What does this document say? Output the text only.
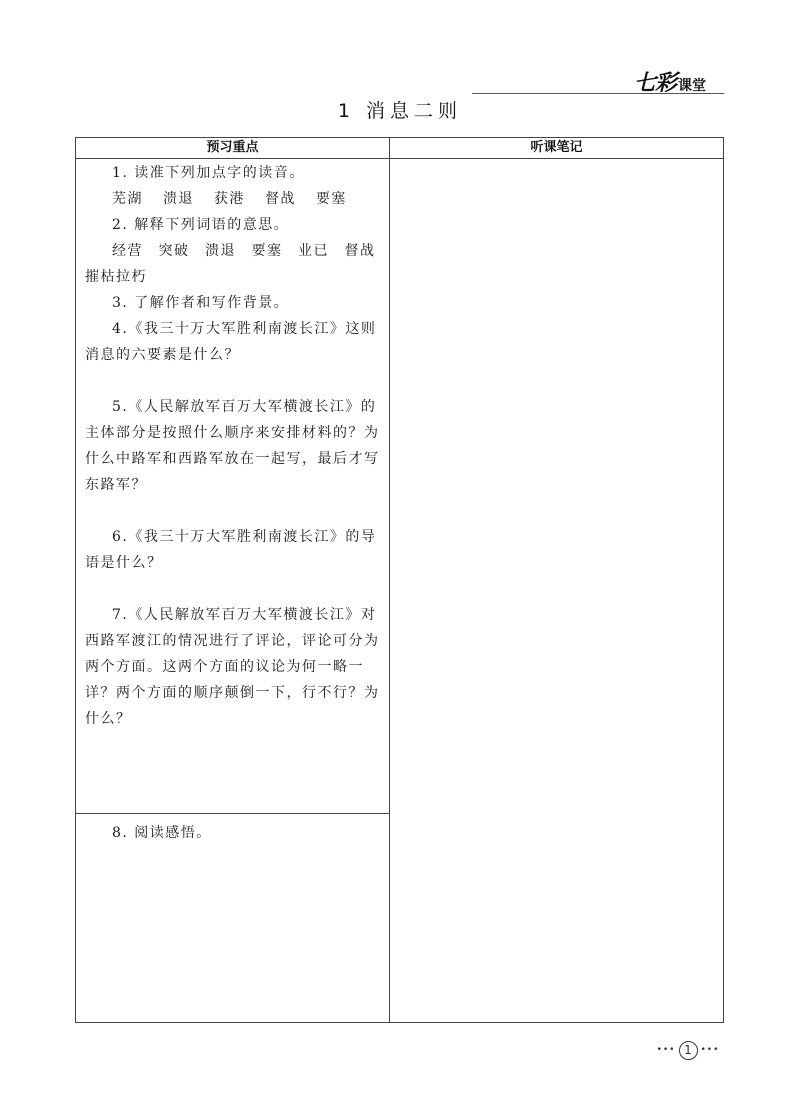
七彩 课堂
1 消息二则
预习重点	听课笔记

1. 读准下列加点字的读音。

芜湖 溃退 获港 督战 要塞

2. 解释下列词语的意思。

经营　突破　溃退　要塞　业已　督战　摧枯拉朽

3. 了解作者和写作背景。

4.《我三十万大军胜利南渡长江》这则消息的六要素是什么？

5.《人民解放军百万大军横渡长江》的主体部分是按照什么顺序来安排材料的？为什么中路军和西路军放在一起写，最后才写东路军？

6.《我三十万大军胜利南渡长江》的导语是什么？

7.《人民解放军百万大军横渡长江》对西路军渡江的情况进行了评论，评论可分为两个方面。这两个方面的议论为何一略一详？两个方面的顺序颠倒一下，行不行？为什么？

8. 阅读感悟。

••• 1 •••
